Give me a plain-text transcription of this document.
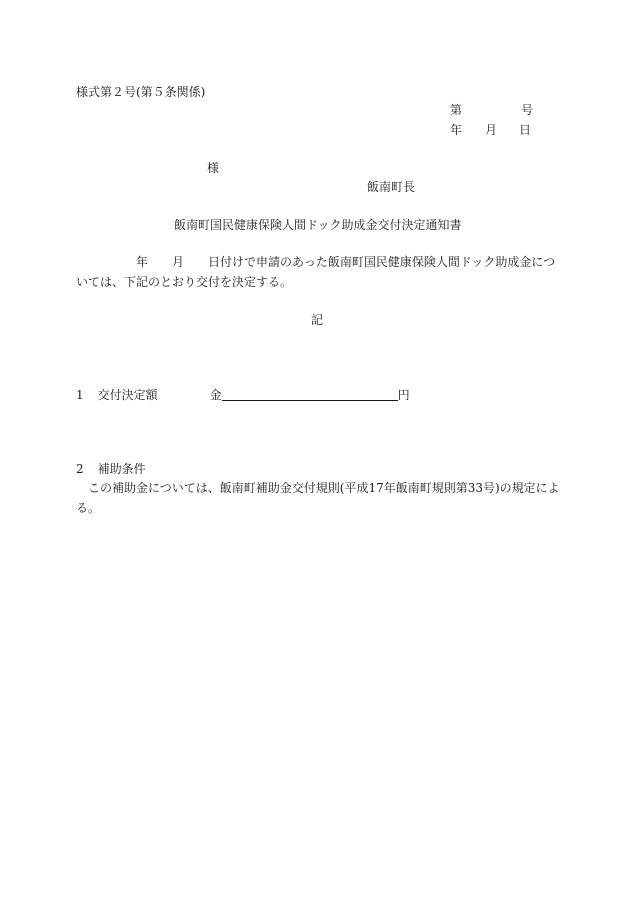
様式第２号(第５条関係)
第	号
年 月 日
様
飯南町長
飯南町国民健康保険人間ドック助成金交付決定通知書
年 月 日付けで申請のあった飯南町国民健康保険人間ドック助成金については、下記のとおり交付を決定する。
記
1 交付決定額	金	円
2 補助条件
この補助金については、飯南町補助金交付規則(平成17年飯南町規則第33号)の規定による。
